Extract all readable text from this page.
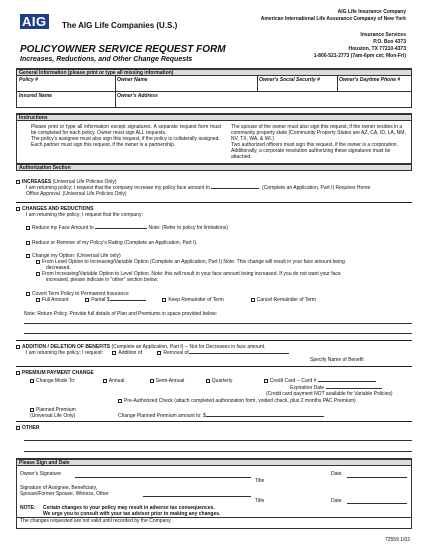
AIG The AIG Life Companies (U.S.)
POLICYOWNER SERVICE REQUEST FORM
Increases, Reductions, and Other Change Requests
AIG Life Insurance Company
American International Life Assurance Company of New York
Insurance Services
P.O. Box 4373
Houston, TX 77210-4373
1-800-521-2773 (7am-6pm cst; Mon-Fri)
General Information (please print or type all missing information)
Policy #	Owner Name	Owner's Social Security #	Owner's Daytime Phone #
Insured Name	Owner's Address
Instructions
Please print or type all information except signatures. A separate request form must be completed for each policy. Owner must sign ALL requests.
The policy's assignee must also sign this request, if the policy is collaterally assigned.
Each partner must sign this request, if the owner is a partnership.
The spouse of the owner must also sign this request, if the owner resides in a community property state (Community Property States are AZ, CA, ID, LA, NM, NV, TX, WA, & WI.)
Two authorized officers must sign this request, if the owner is a corporation. Additionally, a corporate resolution authorizing these signatures must be attached.
Authorization Section
INCREASES (Universal Life Policies Only)
I am returning policy; I request that the company increase my policy face amount to	. (Complete an Application, Part I) Requires Home
Office Approval. (Universal Life Policies Only)
CHANGES AND REDUCTIONS
I am returning the policy; I request that the company:
Reduce my Face Amount to	Note: (Refer to policy for limitations)
Reduce or Remove of my Policy's Rating (Complete an Application, Part I).
Change my Option: (Universal Life only)
From Level Option to Increasing/Variable Option (Complete an Application, Part I) Note: This change will result in your face amount being
decreased.
From Increasing/Variable Option to Level Option. Note: this will result in your face amount being increased. If you do not want your face
increased, please indicate in "other" section below.
Covert Term Policy to Permanent Insurance
Full Amount	Partial $	Keep Remainder of Term	Cancel Remainder of Term
Note: Return Policy. Provide full details of Plan and Premiums in space provided below:
ADDITION / DELETION OF BENEFITS (Complete an Application, Part I) -- Not for Decreases in face amount.
I am returning the policy; I request:	Addition of	Removal of
Specify Name of Benefit
PREMIUM PAYMENT CHANGE
Change Mode To:	Annual	Semi-Annual	Quarterly	Credit Card -- Card #
Expiration Date
(Credit card payment NOT available for Variable Policies)
Pre-Authorized Check (attach completed authorization form, voided check, plus 2 months PAC Premium)
Planned Premium
(Universal Life Only)	Change Planned Premium amount to: $
OTHER
Please Sign and Date
Owner's Signature
Title
Date
Signature of Assignee, Beneficiary,
Spouse/Former Spouse, Witness, Other
Title	Date
NOTE: Certain changes to your policy may result in adverse tax consequences.
We urge you to consult with your tax advisor prior to making any changes.
The changes requested are not valid until recorded by the Company.
72559 1/02
